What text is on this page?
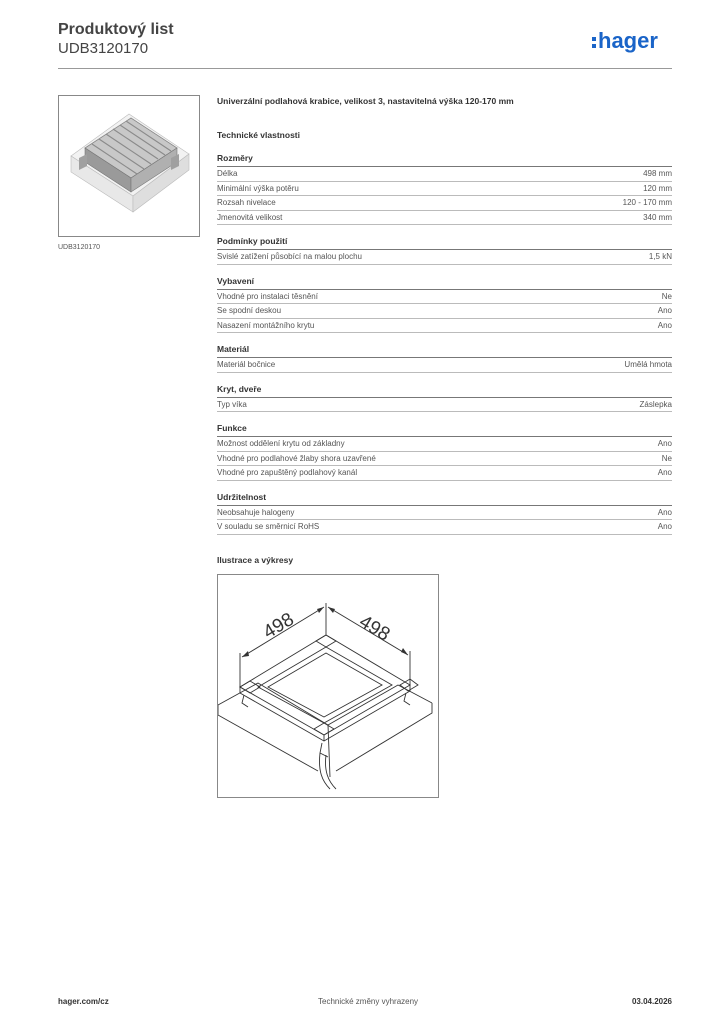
Produktový list
UDB3120170	hager
UDB3120170
Univerzální podlahová krabice, velikost 3, nastavitelná výška 120-170 mm
Technické vlastnosti
Rozměry
Délka	498 mm
Minimální výška potěru	120 mm
Rozsah nivelace	120 - 170 mm
Jmenovitá velikost	340 mm
Podmínky použití
Svislé zatížení působící na malou plochu	1,5 kN
Vybavení
Vhodné pro instalaci těsnění	Ne
Se spodní deskou	Ano
Nasazení montážního krytu	Ano
Materiál
Materiál bočnice	Umělá hmota
Kryt, dveře
Typ víka	Záslepka
Funkce
Možnost oddělení krytu od základny	Ano
Vhodné pro podlahové žlaby shora uzavřené	Ne
Vhodné pro zapuštěný podlahový kanál	Ano
Udržitelnost
Neobsahuje halogeny	Ano
V souladu se směrnicí RoHS	Ano
Ilustrace a výkresy
498	498
hager.com/cz	Technické změny vyhrazeny	03.04.2026
